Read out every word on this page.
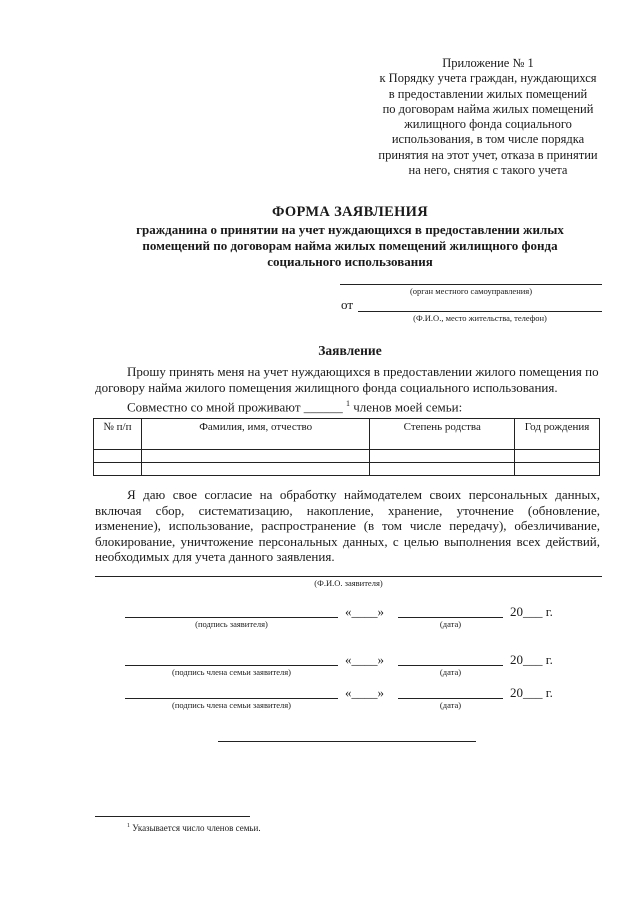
Приложение № 1
к Порядку учета граждан, нуждающихся
в предоставлении жилых помещений
по договорам найма жилых помещений
жилищного фонда социального
использования, в том числе порядка
принятия на этот учет, отказа в принятии
на него, снятия с такого учета
ФОРМА ЗАЯВЛЕНИЯ
гражданина о принятии на учет нуждающихся в предоставлении жилых
помещений по договорам найма жилых помещений жилищного фонда
социального использования
(орган местного самоуправления)
от
(Ф.И.О., место жительства, телефон)
Заявление
Прошу принять меня на учет нуждающихся в предоставлении жилого помещения по
договору найма жилого помещения жилищного фонда социального использования.
Совместно со мной проживают ______ $^1$ членов моей семьи:
№ п/п	Фамилия, имя, отчество	Степень родства	Год рождения

Я даю свое согласие на обработку наймодателем своих персональных данных, включая сбор, систематизацию, накопление, хранение, уточнение (обновление, изменение), использование, распространение (в том числе передачу), обезличивание, блокирование, уничтожение персональных данных, с целью выполнения всех действий, необходимых для учета данного заявления.
(Ф.И.О. заявителя)
(подпись заявителя)
«____»
(дата)
20___ г.
(подпись члена семьи заявителя)
«____»
(дата)
20___ г.
(подпись члена семьи заявителя)
«____»
(дата)
20___ г.
$^1$ Указывается число членов семьи.
